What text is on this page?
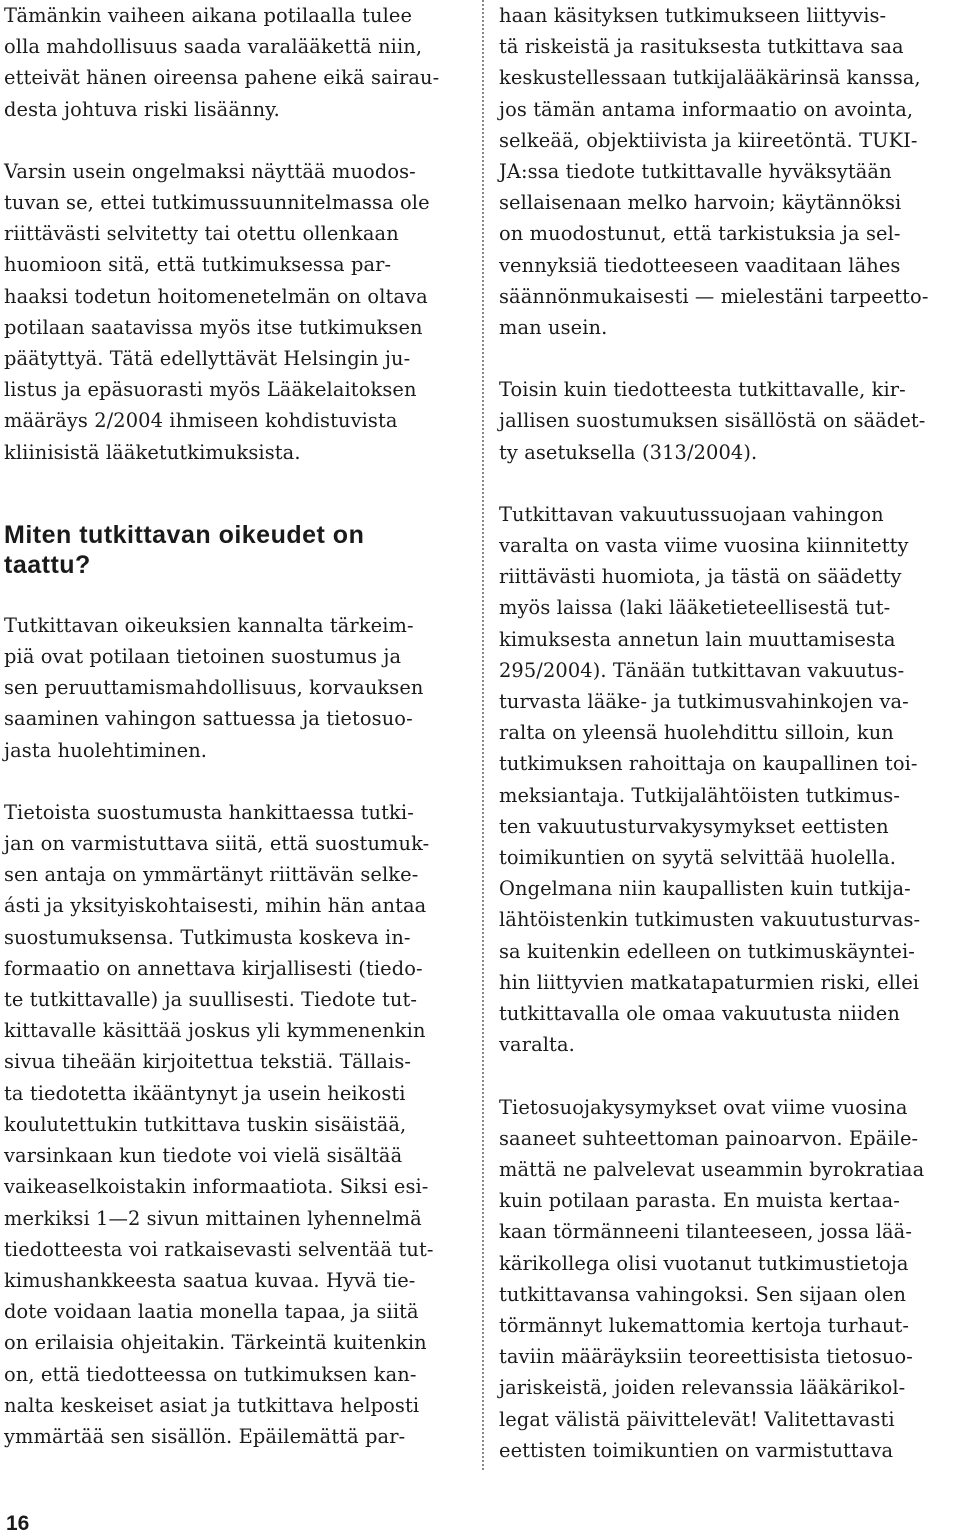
Tämänkin vaiheen aikana potilaalla tulee
olla mahdollisuus saada varalääkettä niin,
etteivät hänen oireensa pahene eikä sairau-
desta johtuva riski lisäänny.

Varsin usein ongelmaksi näyttää muodos-
tuvan se, ettei tutkimussuunnitelmassa ole
riittävästi selvitetty tai otettu ollenkaan
huomioon sitä, että tutkimuksessa par-
haaksi todetun hoitomenetelmän on oltava
potilaan saatavissa myös itse tutkimuksen
päätyttyä. Tätä edellyttävät Helsingin ju-
listus ja epäsuorasti myös Lääkelaitoksen
määräys 2/2004 ihmiseen kohdistuvista
kliinisistä lääketutkimuksista.

Miten tutkittavan oikeudet on
taattu?

Tutkittavan oikeuksien kannalta tärkeim-
piä ovat potilaan tietoinen suostumus ja
sen peruuttamismahdollisuus, korvauksen
saaminen vahingon sattuessa ja tietosuo-
jasta huolehtiminen.

Tietoista suostumusta hankittaessa tutki-
jan on varmistuttava siitä, että suostumuk-
sen antaja on ymmärtänyt riittävän selke-
ásti ja yksityiskohtaisesti, mihin hän antaa
suostumuksensa. Tutkimusta koskeva in-
formaatio on annettava kirjallisesti (tiedo-
te tutkittavalle) ja suullisesti. Tiedote tut-
kittavalle käsittää joskus yli kymmenenkin
sivua tiheään kirjoitettua tekstiä. Tällais-
ta tiedotetta ikääntynyt ja usein heikosti
koulutettukin tutkittava tuskin sisäistää,
varsinkaan kun tiedote voi vielä sisältää
vaikeaselkoistakin informaatiota. Siksi esi-
merkiksi 1—2 sivun mittainen lyhennelmä
tiedotteesta voi ratkaisevasti selventää tut-
kimushankkeesta saatua kuvaa. Hyvä tie-
dote voidaan laatia monella tapaa, ja siitä
on erilaisia ohjeitakin. Tärkeintä kuitenkin
on, että tiedotteessa on tutkimuksen kan-
nalta keskeiset asiat ja tutkittava helposti
ymmärtää sen sisällön. Epäilemättä par-

haan käsityksen tutkimukseen liittyvis-
tä riskeistä ja rasituksesta tutkittava saa
keskustellessaan tutkijalääkärinsä kanssa,
jos tämän antama informaatio on avointa,
selkeää, objektiivista ja kiireetöntä. TUKI-
JA:ssa tiedote tutkittavalle hyväksytään
sellaisenaan melko harvoin; käytännöksi
on muodostunut, että tarkistuksia ja sel-
vennyksiä tiedotteeseen vaaditaan lähes
säännönmukaisesti — mielestäni tarpeetto-
man usein.

Toisin kuin tiedotteesta tutkittavalle, kir-
jallisen suostumuksen sisällöstä on säädet-
ty asetuksella (313/2004).

Tutkittavan vakuutussuojaan vahingon
varalta on vasta viime vuosina kiinnitetty
riittävästi huomiota, ja tästä on säädetty
myös laissa (laki lääketieteellisestä tut-
kimuksesta annetun lain muuttamisesta
295/2004). Tänään tutkittavan vakuutus-
turvasta lääke- ja tutkimusvahinkojen va-
ralta on yleensä huolehdittu silloin, kun
tutkimuksen rahoittaja on kaupallinen toi-
meksiantaja. Tutkijalähtöisten tutkimus-
ten vakuutusturvakysymykset eettisten
toimikuntien on syytä selvittää huolella.
Ongelmana niin kaupallisten kuin tutkija-
lähtöistenkin tutkimusten vakuutusturvas-
sa kuitenkin edelleen on tutkimuskäyntei-
hin liittyvien matkatapaturmien riski, ellei
tutkittavalla ole omaa vakuutusta niiden
varalta.

Tietosuojakysymykset ovat viime vuosina
saaneet suhteettoman painoarvon. Epäile-
mättä ne palvelevat useammin byrokratiaa
kuin potilaan parasta. En muista kertaa-
kaan törmänneeni tilanteeseen, jossa lää-
kärikollega olisi vuotanut tutkimustietoja
tutkittavansa vahingoksi. Sen sijaan olen
törmännyt lukemattomia kertoja turhaut-
taviin määräyksiin teoreettisista tietosuo-
jariskeistä, joiden relevanssia lääkärikol-
legat välistä päivittelevät! Valitettavasti
eettisten toimikuntien on varmistuttava

16
